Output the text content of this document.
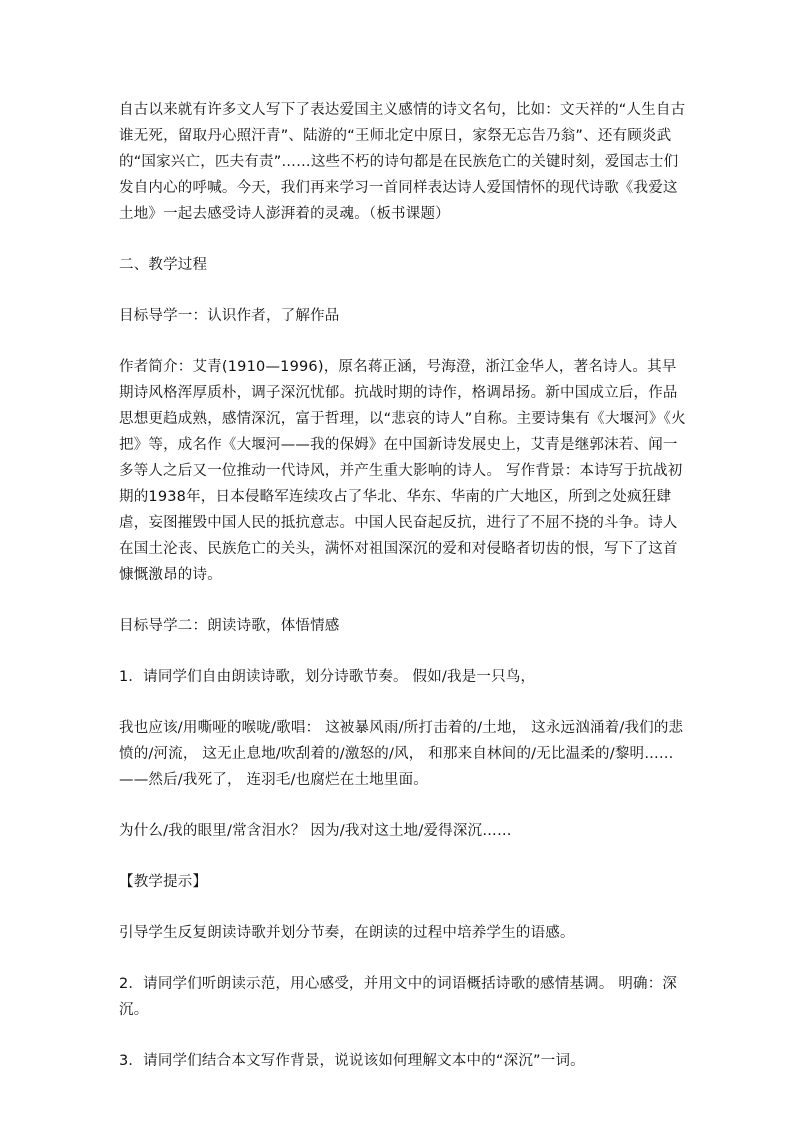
自古以来就有许多文人写下了表达爱国主义感情的诗文名句，比如：文天祥的“人生自古谁无死，留取丹心照汗青”、陆游的“王师北定中原日，家祭无忘告乃翁”、还有顾炎武的“国家兴亡，匹夫有责”……这些不朽的诗句都是在民族危亡的关键时刻，爱国志士们发自内心的呼喊。今天，我们再来学习一首同样表达诗人爱国情怀的现代诗歌《我爱这土地》一起去感受诗人澎湃着的灵魂。（板书课题）

二、教学过程

目标导学一：认识作者，了解作品

作者简介：艾青(1910—1996)，原名蒋正涵，号海澄，浙江金华人，著名诗人。其早期诗风格浑厚质朴，调子深沉忧郁。抗战时期的诗作，格调昂扬。新中国成立后，作品思想更趋成熟，感情深沉，富于哲理，以“悲哀的诗人”自称。主要诗集有《大堰河》《火把》等，成名作《大堰河——我的保姆》在中国新诗发展史上，艾青是继郭沫若、闻一多等人之后又一位推动一代诗风，并产生重大影响的诗人。 写作背景：本诗写于抗战初期的1938年，日本侵略军连续攻占了华北、华东、华南的广大地区，所到之处疯狂肆虐，妄图摧毁中国人民的抵抗意志。中国人民奋起反抗，进行了不屈不挠的斗争。诗人在国土沦丧、民族危亡的关头，满怀对祖国深沉的爱和对侵略者切齿的恨，写下了这首慷慨激昂的诗。

目标导学二：朗读诗歌，体悟情感

1．请同学们自由朗读诗歌，划分诗歌节奏。 假如/我是一只鸟，

我也应该/用嘶哑的喉咙/歌唱： 这被暴风雨/所打击着的/土地， 这永远汹涌着/我们的悲愤的/河流， 这无止息地/吹刮着的/激怒的/风， 和那来自林间的/无比温柔的/黎明…… ——然后/我死了， 连羽毛/也腐烂在土地里面。

为什么/我的眼里/常含泪水？ 因为/我对这土地/爱得深沉……

【教学提示】

引导学生反复朗读诗歌并划分节奏，在朗读的过程中培养学生的语感。

2．请同学们听朗读示范，用心感受，并用文中的词语概括诗歌的感情基调。 明确：深沉。

3．请同学们结合本文写作背景，说说该如何理解文本中的“深沉”一词。
